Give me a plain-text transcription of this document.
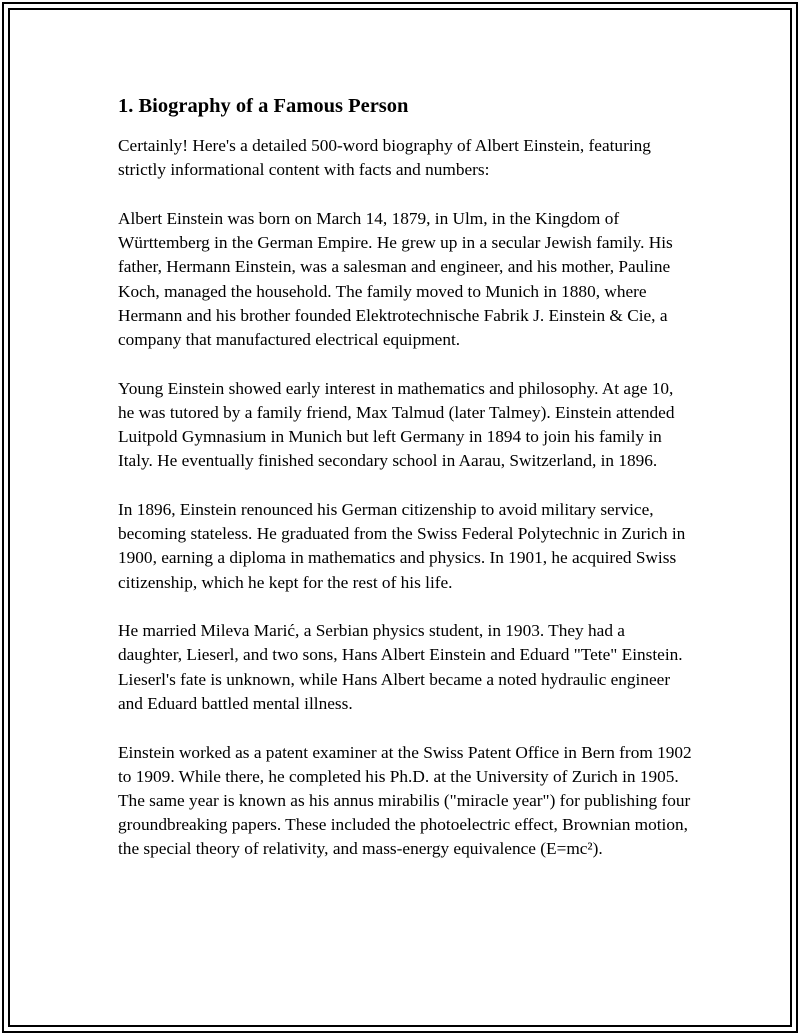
1. Biography of a Famous Person

Certainly! Here's a detailed 500-word biography of Albert Einstein, featuring strictly informational content with facts and numbers:

Albert Einstein was born on March 14, 1879, in Ulm, in the Kingdom of Württemberg in the German Empire. He grew up in a secular Jewish family. His father, Hermann Einstein, was a salesman and engineer, and his mother, Pauline Koch, managed the household. The family moved to Munich in 1880, where Hermann and his brother founded Elektrotechnische Fabrik J. Einstein & Cie, a company that manufactured electrical equipment.

Young Einstein showed early interest in mathematics and philosophy. At age 10, he was tutored by a family friend, Max Talmud (later Talmey). Einstein attended Luitpold Gymnasium in Munich but left Germany in 1894 to join his family in Italy. He eventually finished secondary school in Aarau, Switzerland, in 1896.

In 1896, Einstein renounced his German citizenship to avoid military service, becoming stateless. He graduated from the Swiss Federal Polytechnic in Zurich in 1900, earning a diploma in mathematics and physics. In 1901, he acquired Swiss citizenship, which he kept for the rest of his life.

He married Mileva Marić, a Serbian physics student, in 1903. They had a daughter, Lieserl, and two sons, Hans Albert Einstein and Eduard "Tete" Einstein. Lieserl's fate is unknown, while Hans Albert became a noted hydraulic engineer and Eduard battled mental illness.

Einstein worked as a patent examiner at the Swiss Patent Office in Bern from 1902 to 1909. While there, he completed his Ph.D. at the University of Zurich in 1905. The same year is known as his annus mirabilis ("miracle year") for publishing four groundbreaking papers. These included the photoelectric effect, Brownian motion, the special theory of relativity, and mass-energy equivalence (E=mc²).
